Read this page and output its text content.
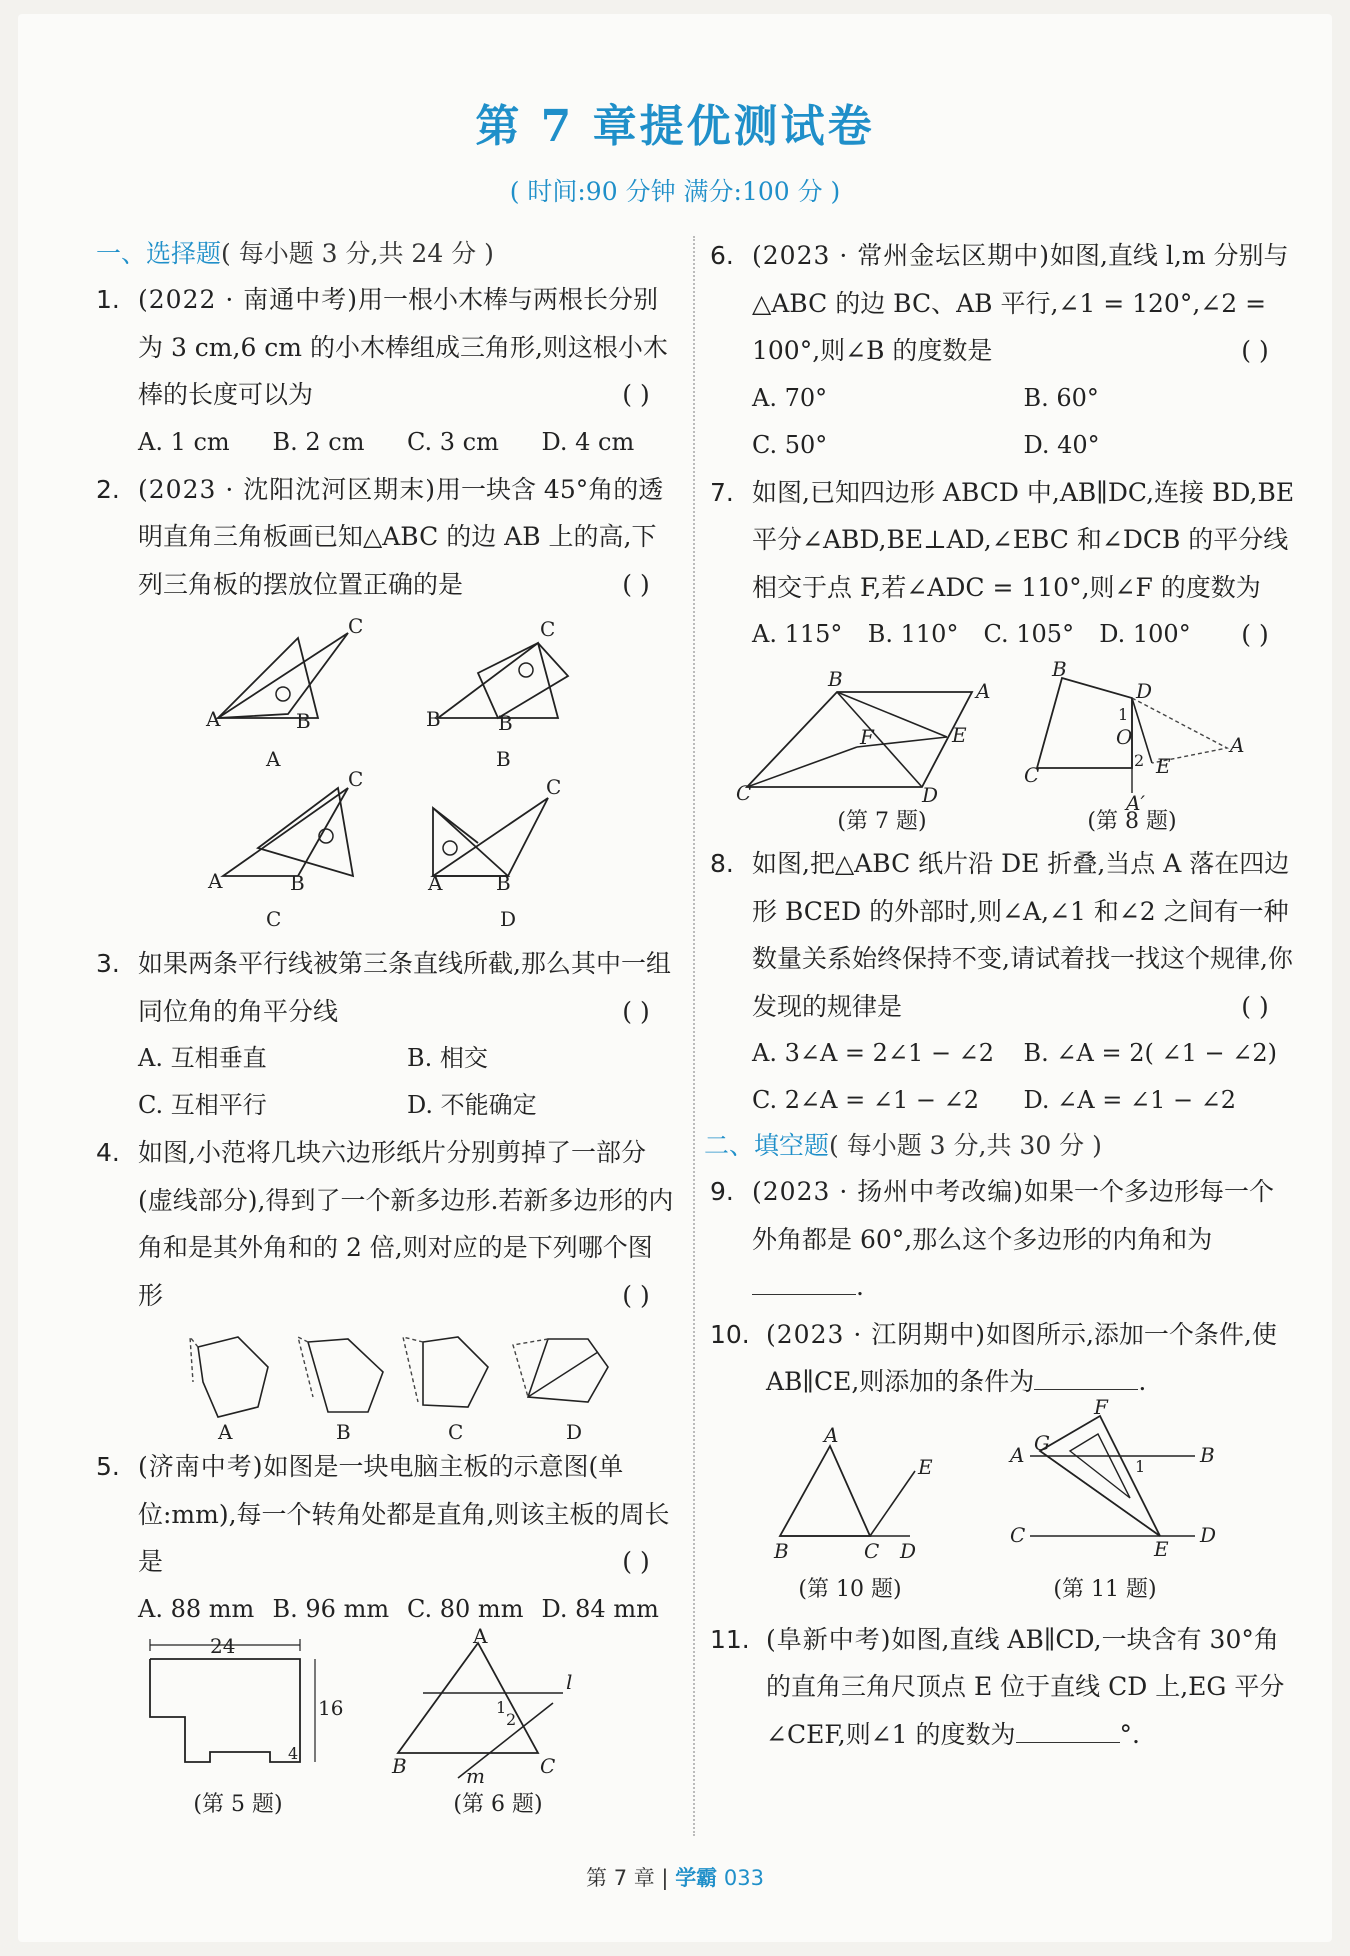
第 7 章提优测试卷
( 时间:90 分钟 满分:100 分 )
一、选择题( 每小题 3 分,共 24 分 )
1. (2022 · 南通中考)用一根小木棒与两根长分别为 3 cm,6 cm 的小木棒组成三角形,则这根小木棒的长度可以为	( )
A. 1 cm	B. 2 cm	C. 3 cm	D. 4 cm
2. (2023 · 沈阳沈河区期末)用一块含 45°角的透明直角三角板画已知△ABC 的边 AB 上的高,下列三角板的摆放位置正确的是	( )
A	B
C
A
B	B
C
B
A	B
C
C
A	B
C
D
3. 如果两条平行线被第三条直线所截,那么其中一组同位角的角平分线	( )
A. 互相垂直	B. 相交
C. 互相平行	D. 不能确定
4. 如图,小范将几块六边形纸片分别剪掉了一部分(虚线部分),得到了一个新多边形.若新多边形的内角和是其外角和的 2 倍,则对应的是下列哪个图形	( )
A	B	C	D
5. (济南中考)如图是一块电脑主板的示意图(单位:mm),每一个转角处都是直角,则该主板的周长是	( )
A. 88 mm B. 96 mm C. 80 mm D. 84 mm
24
16
4
(第 5 题)
A
B	C
l
m
1
2
(第 6 题)
6. (2023 · 常州金坛区期中)如图,直线 l,m 分别与△ABC 的边 BC、AB 平行,∠1 = 120°,∠2 = 100°,则∠B 的度数是	( )
A. 70°	B. 60°
C. 50°	D. 40°
7. 如图,已知四边形 ABCD 中,AB∥DC,连接 BD,BE 平分∠ABD,BE⊥AD,∠EBC 和∠DCB 的平分线相交于点 F,若∠ADC = 110°,则∠F 的度数为
( )
A. 115°	B. 110°	C. 105°	D. 100°
B	A
C	D
E
F
(第 7 题)
B
D
A
C	E
A′
1
O
2
(第 8 题)
8. 如图,把△ABC 纸片沿 DE 折叠,当点 A 落在四边形 BCED 的外部时,则∠A,∠1 和∠2 之间有一种数量关系始终保持不变,请试着找一找这个规律,你发现的规律是	( )
A. 3∠A = 2∠1 − ∠2	B. ∠A = 2( ∠1 − ∠2)
C. 2∠A = ∠1 − ∠2	D. ∠A = ∠1 − ∠2
二、填空题( 每小题 3 分,共 30 分 )
9. (2023 · 扬州中考改编)如果一个多边形每一个外角都是 60°,那么这个多边形的内角和为.
10. (2023 · 江阴期中)如图所示,添加一个条件,使 AB∥CE,则添加的条件为	.
A
B	C D
E
(第 10 题)
F
G
A	B
C	D
E
1
(第 11 题)
11. (阜新中考)如图,直线 AB∥CD,一块含有 30°角的直角三角尺顶点 E 位于直线 CD 上,EG 平分∠CEF,则∠1 的度数为	°.
第 7 章 | 学霸 033
